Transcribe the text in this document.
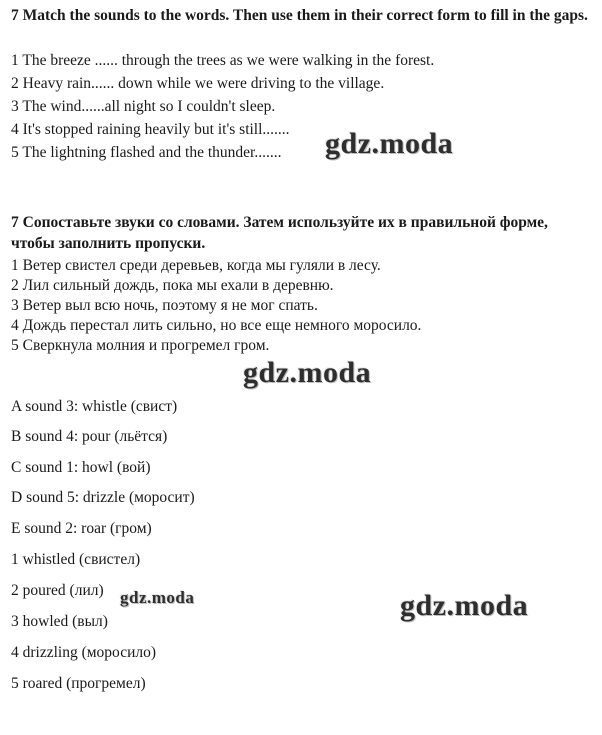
7 Match the sounds to the words. Then use them in their correct form to fill in the gaps.

1 The breeze ...... through the trees as we were walking in the forest.

2 Heavy rain...... down while we were driving to the village.

3 The wind......all night so I couldn't sleep.

4 It's stopped raining heavily but it's still.......

5 The lightning flashed and the thunder....... gdz.moda

7 Сопоставьте звуки со словами. Затем используйте их в правильной форме, чтобы заполнить пропуски.

1 Ветер свистел среди деревьев, когда мы гуляли в лесу.

2 Лил сильный дождь, пока мы ехали в деревню.

3 Ветер выл всю ночь, поэтому я не мог спать.

4 Дождь перестал лить сильно, но все еще немного моросило.

5 Сверкнула молния и прогремел гром.

gdz.moda

A sound 3: whistle (свист)

B sound 4: pour (льётся)

C sound 1: howl (вой)

D sound 5: drizzle (моросит)

E sound 2: roar (гром)

1 whistled (свистел)

2 poured (лил)

3 howled (выл)

4 drizzling (моросило)

5 roared (прогремел)

gdz.moda	gdz.moda
